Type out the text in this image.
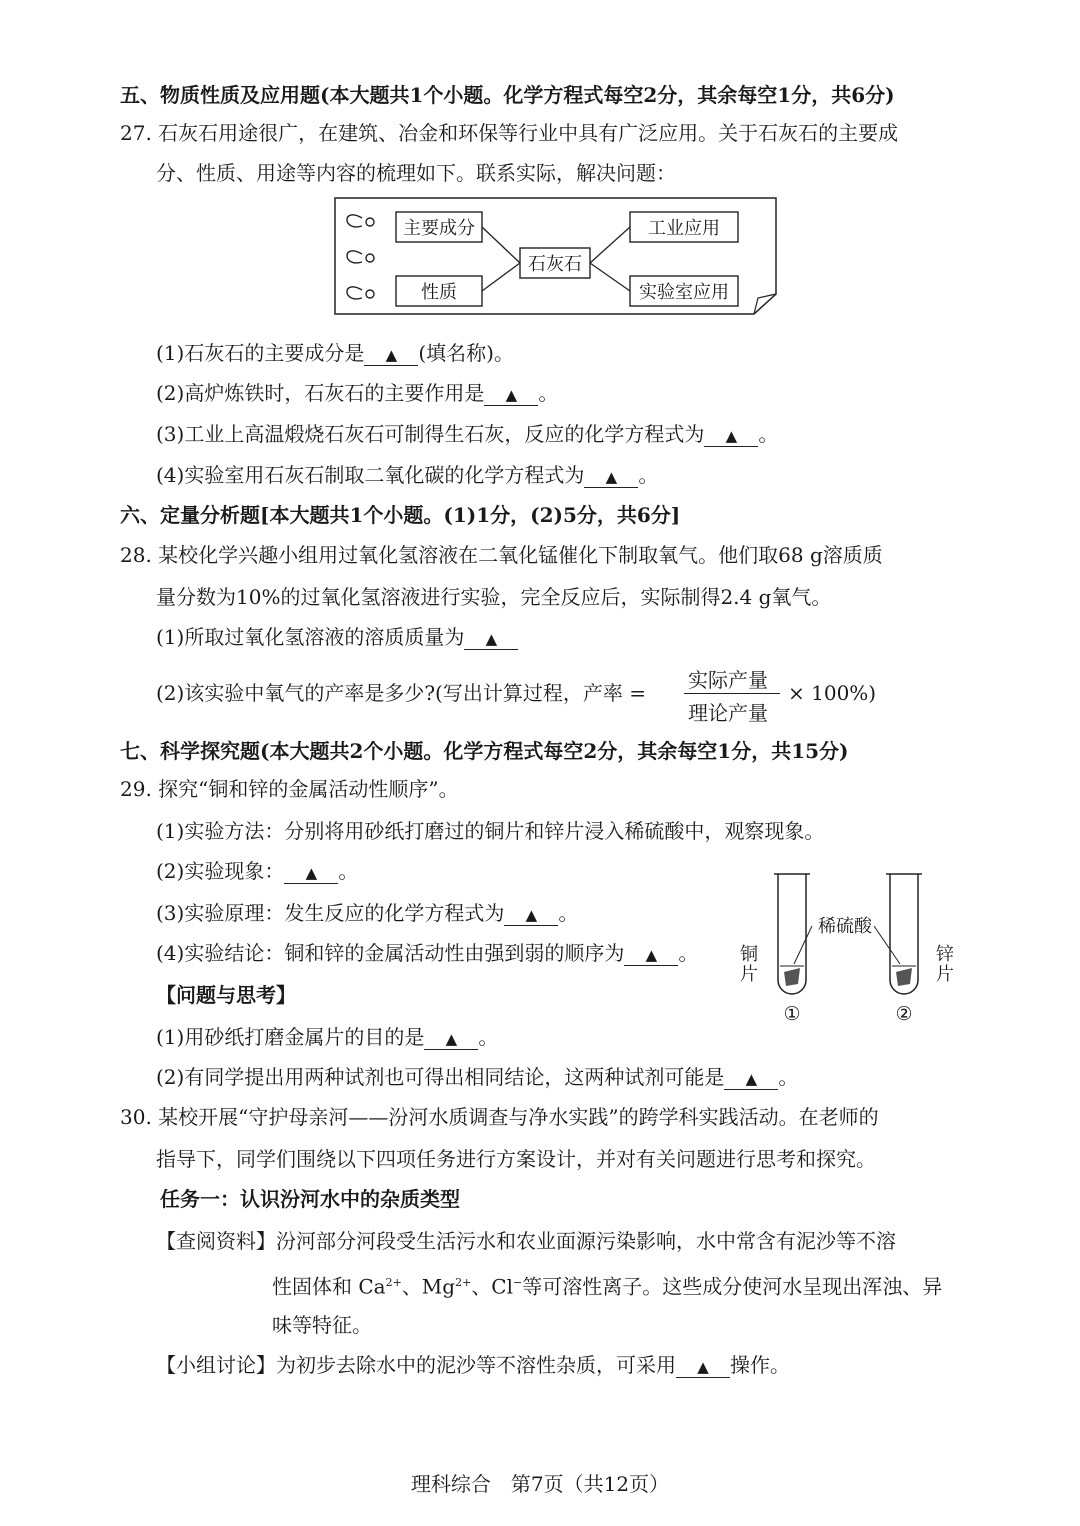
五、物质性质及应用题(本大题共1个小题。化学方程式每空2分，其余每空1分，共6分)
27. 石灰石用途很广，在建筑、冶金和环保等行业中具有广泛应用。关于石灰石的主要成
分、性质、用途等内容的梳理如下。联系实际，解决问题：
主要成分
性质
石灰石
工业应用
实验室应用
(1)石灰石的主要成分是 ▲ (填名称)。
(2)高炉炼铁时，石灰石的主要作用是 ▲ 。
(3)工业上高温煅烧石灰石可制得生石灰，反应的化学方程式为 ▲ 。
(4)实验室用石灰石制取二氧化碳的化学方程式为 ▲ 。
六、定量分析题[本大题共1个小题。(1)1分，(2)5分，共6分]
28. 某校化学兴趣小组用过氧化氢溶液在二氧化锰催化下制取氧气。他们取68 g溶质质
量分数为10%的过氧化氢溶液进行实验，完全反应后，实际制得2.4 g氧气。
(1)所取过氧化氢溶液的溶质质量为 ▲
(2)该实验中氧气的产率是多少?(写出计算过程，产率 =
实际产量
理论产量
× 100%)
七、科学探究题(本大题共2个小题。化学方程式每空2分，其余每空1分，共15分)
29. 探究“铜和锌的金属活动性顺序”。
(1)实验方法：分别将用砂纸打磨过的铜片和锌片浸入稀硫酸中，观察现象。
(2)实验现象： ▲ 。
(3)实验原理：发生反应的化学方程式为 ▲ 。
(4)实验结论：铜和锌的金属活动性由强到弱的顺序为 ▲ 。
【问题与思考】
(1)用砂纸打磨金属片的目的是 ▲ 。
(2)有同学提出用两种试剂也可得出相同结论，这两种试剂可能是 ▲ 。
稀硫酸
铜
片
锌
片
①	②
30. 某校开展“守护母亲河——汾河水质调查与净水实践”的跨学科实践活动。在老师的
指导下，同学们围绕以下四项任务进行方案设计，并对有关问题进行思考和探究。
任务一：认识汾河水中的杂质类型
【查阅资料】汾河部分河段受生活污水和农业面源污染影响，水中常含有泥沙等不溶
性固体和 $Ca^{2+}$、$Mg^{2+}$、Cl−等可溶性离子。这些成分使河水呈现出浑浊、异
味等特征。
【小组讨论】为初步去除水中的泥沙等不溶性杂质，可采用 ▲ 操作。
理科综合　第7页（共12页）
